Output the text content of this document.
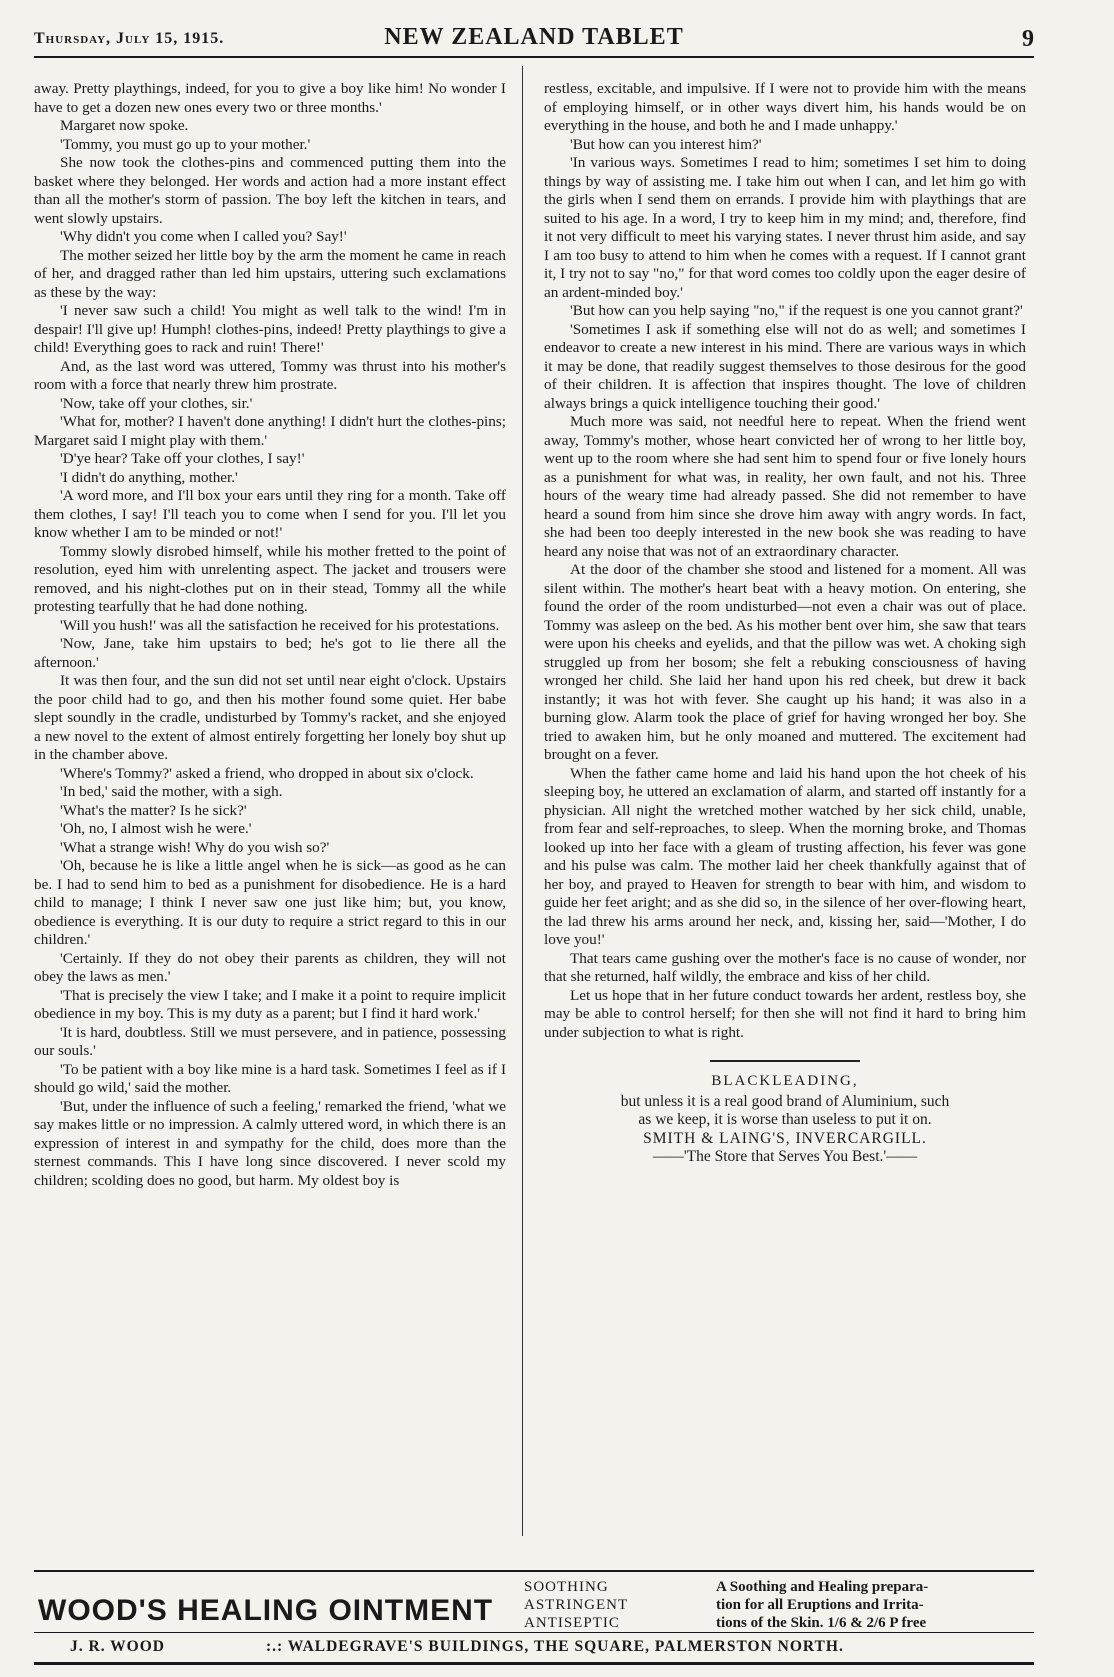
Thursday, July 15, 1915.	NEW ZEALAND TABLET	9

away. Pretty playthings, indeed, for you to give a boy like him! No wonder I have to get a dozen new ones every two or three months.'

Margaret now spoke.

'Tommy, you must go up to your mother.'

She now took the clothes-pins and commenced putting them into the basket where they belonged. Her words and action had a more instant effect than all the mother's storm of passion. The boy left the kitchen in tears, and went slowly upstairs.

'Why didn't you come when I called you? Say!'

The mother seized her little boy by the arm the moment he came in reach of her, and dragged rather than led him upstairs, uttering such exclamations as these by the way:

'I never saw such a child! You might as well talk to the wind! I'm in despair! I'll give up! Humph! clothes-pins, indeed! Pretty playthings to give a child! Everything goes to rack and ruin! There!'

And, as the last word was uttered, Tommy was thrust into his mother's room with a force that nearly threw him prostrate.

'Now, take off your clothes, sir.'

'What for, mother? I haven't done anything! I didn't hurt the clothes-pins; Margaret said I might play with them.'

'D'ye hear? Take off your clothes, I say!'

'I didn't do anything, mother.'

'A word more, and I'll box your ears until they ring for a month. Take off them clothes, I say! I'll teach you to come when I send for you. I'll let you know whether I am to be minded or not!'

Tommy slowly disrobed himself, while his mother fretted to the point of resolution, eyed him with unrelenting aspect. The jacket and trousers were removed, and his night-clothes put on in their stead, Tommy all the while protesting tearfully that he had done nothing.

'Will you hush!' was all the satisfaction he received for his protestations.

'Now, Jane, take him upstairs to bed; he's got to lie there all the afternoon.'

It was then four, and the sun did not set until near eight o'clock. Upstairs the poor child had to go, and then his mother found some quiet. Her babe slept soundly in the cradle, undisturbed by Tommy's racket, and she enjoyed a new novel to the extent of almost entirely forgetting her lonely boy shut up in the chamber above.

'Where's Tommy?' asked a friend, who dropped in about six o'clock.

'In bed,' said the mother, with a sigh.

'What's the matter? Is he sick?'

'Oh, no, I almost wish he were.'

'What a strange wish! Why do you wish so?'

'Oh, because he is like a little angel when he is sick—as good as he can be. I had to send him to bed as a punishment for disobedience. He is a hard child to manage; I think I never saw one just like him; but, you know, obedience is everything. It is our duty to require a strict regard to this in our children.'

'Certainly. If they do not obey their parents as children, they will not obey the laws as men.'

'That is precisely the view I take; and I make it a point to require implicit obedience in my boy. This is my duty as a parent; but I find it hard work.'

'It is hard, doubtless. Still we must persevere, and in patience, possessing our souls.'

'To be patient with a boy like mine is a hard task. Sometimes I feel as if I should go wild,' said the mother.

'But, under the influence of such a feeling,' remarked the friend, 'what we say makes little or no impression. A calmly uttered word, in which there is an expression of interest in and sympathy for the child, does more than the sternest commands. This I have long since discovered. I never scold my children; scolding does no good, but harm. My oldest boy is

restless, excitable, and impulsive. If I were not to provide him with the means of employing himself, or in other ways divert him, his hands would be on everything in the house, and both he and I made unhappy.'

'But how can you interest him?'

'In various ways. Sometimes I read to him; sometimes I set him to doing things by way of assisting me. I take him out when I can, and let him go with the girls when I send them on errands. I provide him with playthings that are suited to his age. In a word, I try to keep him in my mind; and, therefore, find it not very difficult to meet his varying states. I never thrust him aside, and say I am too busy to attend to him when he comes with a request. If I cannot grant it, I try not to say "no," for that word comes too coldly upon the eager desire of an ardent-minded boy.'

'But how can you help saying "no," if the request is one you cannot grant?'

'Sometimes I ask if something else will not do as well; and sometimes I endeavor to create a new interest in his mind. There are various ways in which it may be done, that readily suggest themselves to those desirous for the good of their children. It is affection that inspires thought. The love of children always brings a quick intelligence touching their good.'

Much more was said, not needful here to repeat. When the friend went away, Tommy's mother, whose heart convicted her of wrong to her little boy, went up to the room where she had sent him to spend four or five lonely hours as a punishment for what was, in reality, her own fault, and not his. Three hours of the weary time had already passed. She did not remember to have heard a sound from him since she drove him away with angry words. In fact, she had been too deeply interested in the new book she was reading to have heard any noise that was not of an extraordinary character.

At the door of the chamber she stood and listened for a moment. All was silent within. The mother's heart beat with a heavy motion. On entering, she found the order of the room undisturbed—not even a chair was out of place. Tommy was asleep on the bed. As his mother bent over him, she saw that tears were upon his cheeks and eyelids, and that the pillow was wet. A choking sigh struggled up from her bosom; she felt a rebuking consciousness of having wronged her child. She laid her hand upon his red cheek, but drew it back instantly; it was hot with fever. She caught up his hand; it was also in a burning glow. Alarm took the place of grief for having wronged her boy. She tried to awaken him, but he only moaned and muttered. The excitement had brought on a fever.

When the father came home and laid his hand upon the hot cheek of his sleeping boy, he uttered an exclamation of alarm, and started off instantly for a physician. All night the wretched mother watched by her sick child, unable, from fear and self-reproaches, to sleep. When the morning broke, and Thomas looked up into her face with a gleam of trusting affection, his fever was gone and his pulse was calm. The mother laid her cheek thankfully against that of her boy, and prayed to Heaven for strength to bear with him, and wisdom to guide her feet aright; and as she did so, in the silence of her over-flowing heart, the lad threw his arms around her neck, and, kissing her, said—'Mother, I do love you!'

That tears came gushing over the mother's face is no cause of wonder, nor that she returned, half wildly, the embrace and kiss of her child.

Let us hope that in her future conduct towards her ardent, restless boy, she may be able to control herself; for then she will not find it hard to bring him under subjection to what is right.

BLACKLEADING,
but unless it is a real good brand of Aluminium, such
as we keep, it is worse than useless to put it on.
SMITH & LAING'S, INVERCARGILL.
——'The Store that Serves You Best.'——
WOOD'S HEALING OINTMENT
SOOTHING
ASTRINGENT
ANTISEPTIC
A Soothing and Healing prepara-
tion for all Eruptions and Irrita-
tions of the Skin. 1/6 & 2/6 P free
J. R. WOOD	:.: WALDEGRAVE'S BUILDINGS, THE SQUARE, PALMERSTON NORTH.
